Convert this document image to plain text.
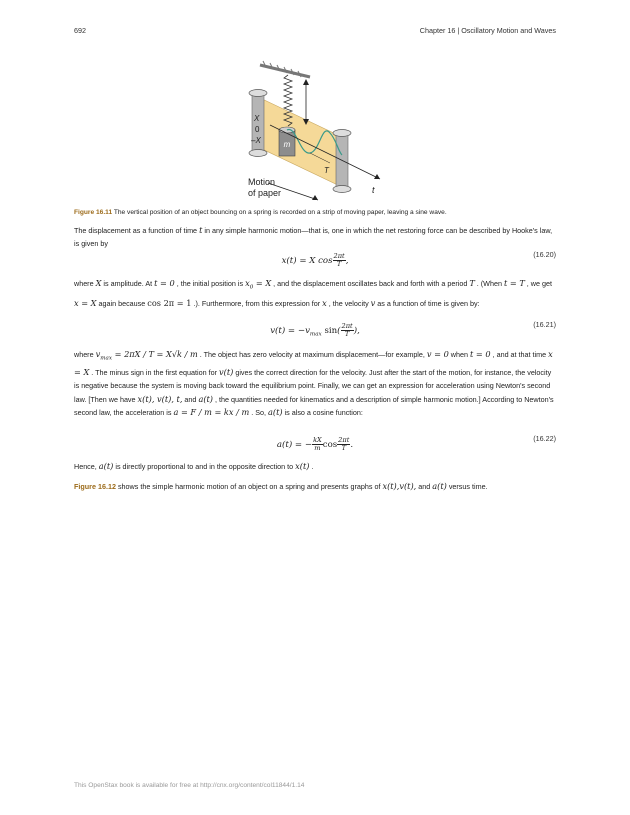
692	Chapter 16 | Oscillatory Motion and Waves
m
X
0
–X
T
t
Motion
of paper
Figure 16.11 The vertical position of an object bouncing on a spring is recorded on a strip of moving paper, leaving a sine wave.
The displacement as a function of time t in any simple harmonic motion—that is, one in which the net restoring force can be described by Hooke's law, is given by
x(t) = X $\cos \frac{2\pi t}{T}$ ,
(16.20)
where X is amplitude. At t = 0 , the initial position is $x_0 = X$ , and the displacement oscillates back and forth with a period T . (When t = T , we get x = X again because cos 2π = 1 .). Furthermore, from this expression for x , the velocity v as a function of time is given by:
$v(t) = -v_{max}$ $\sin( \frac{2\pi t}{T}$ ),
(16.21)
where $v_{max} = 2\pi X / T = X√k / m$ . The object has zero velocity at maximum displacement—for example, v = 0 when t = 0 , and at that time x = X . The minus sign in the first equation for v(t) gives the correct direction for the velocity. Just after the start of the motion, for instance, the velocity is negative because the system is moving back toward the equilibrium point. Finally, we can get an expression for acceleration using Newton's second law. [Then we have x(t), v(t), t, and a(t) , the quantities needed for kinematics and a description of simple harmonic motion.] According to Newton's second law, the acceleration is a = F / m = kx / m . So, a(t) is also a cosine function:
a(t) = − $\frac{kX}{m}$ $\cos \frac{2\pi t}{T}$ .
(16.22)
Hence, a(t) is directly proportional to and in the opposite direction to x(t) .
Figure 16.12 shows the simple harmonic motion of an object on a spring and presents graphs of x(t),v(t), and a(t) versus time.
This OpenStax book is available for free at http://cnx.org/content/col11844/1.14
